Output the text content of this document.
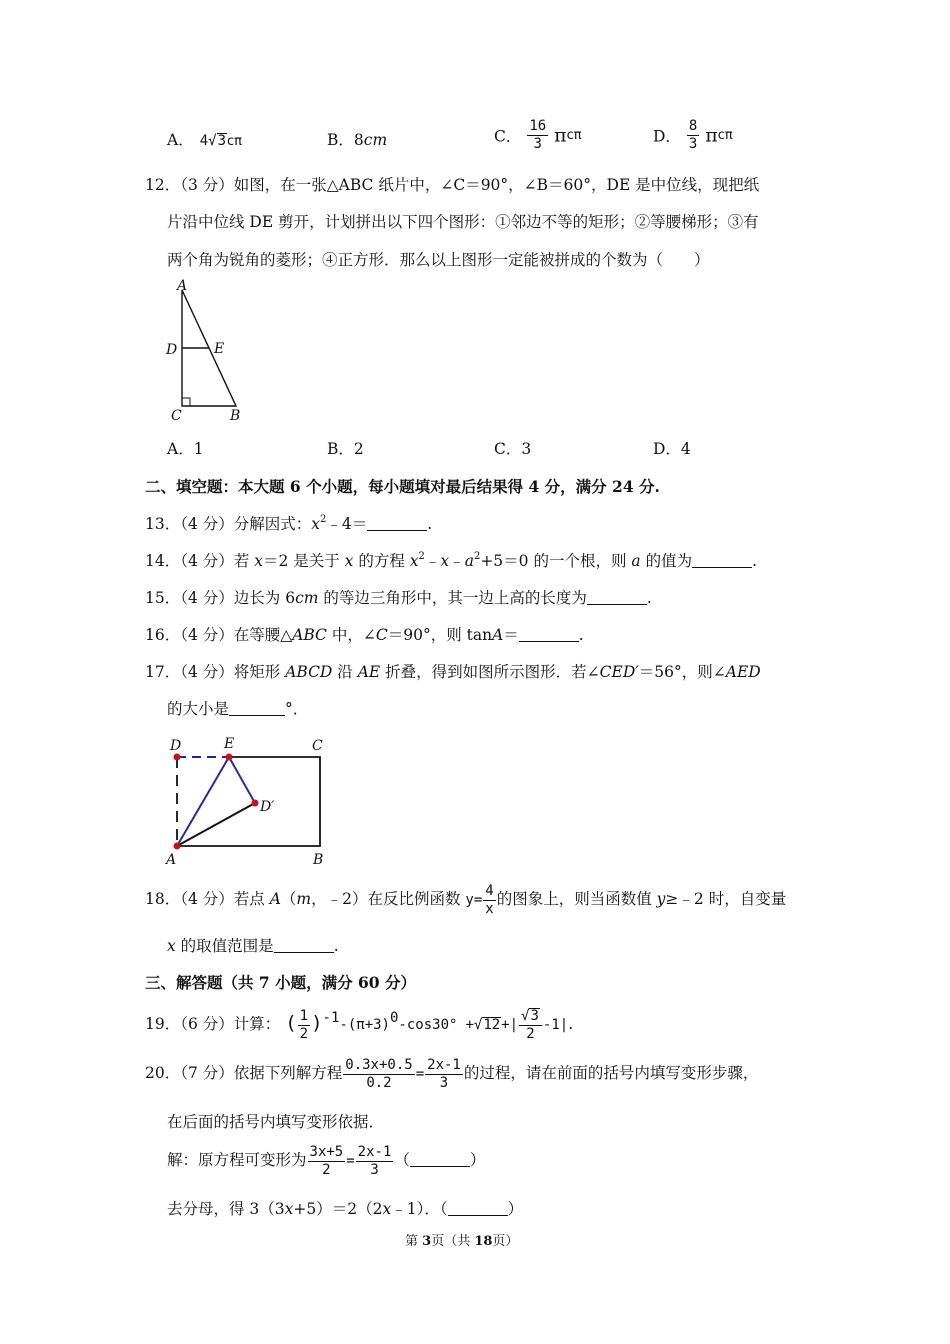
A． 4√3cπ	B．8cm	C． $\frac{16}{3}$ πcπ	D． $\frac{8}{3}$ πcπ
12．（3 分）如图，在一张△ABC 纸片中，∠C＝90°，∠B＝60°，DE 是中位线，现把纸
片沿中位线 DE 剪开，计划拼出以下四个图形：①邻边不等的矩形；②等腰梯形；③有
两个角为锐角的菱形；④正方形．那么以上图形一定能被拼成的个数为（　　）
A
D	E
C	B
A．1	B．2	C．3	D．4
二、填空题：本大题 6 个小题，每小题填对最后结果得 4 分，满分 24 分.
13．（4 分）分解因式：$x^2﹣4=$	.
14．（4 分）若 x＝2 是关于 x 的方程 $x^2﹣x﹣a^2+5=0$ 的一个根，则 a 的值为	.
15．（4 分）边长为 6cm 的等边三角形中，其一边上高的长度为	.
16．（4 分）在等腰△ABC 中，∠C＝90°，则 tanA＝	.
17．（4 分）将矩形 ABCD 沿 AE 折叠，得到如图所示图形．若∠CED′＝56°，则∠AED
的大小是	°．
D	E	C
D′
A	B
18．（4 分）若点 A（m，﹣2）在反比例函数 $y= \frac{4}{x}$ 的图象上，则当函数值 y≥﹣2 时，自变量
x 的取值范围是	.
三、解答题（共 7 小题，满分 60 分）
19．（6 分）计算： ( $\frac{1}{2} )^{-1}-(\pi+3)^0-\cos 30^\circ +√12+| \frac{√3}{2} -1|$.
20．（7 分）依据下列解方程 $\frac{0.3x+0.5}{0.2} = \frac{2x-1}{3}$ 的过程，请在前面的括号内填写变形步骤，
在后面的括号内填写变形依据．
解：原方程可变形为 $\frac{3x+5}{2} = \frac{2x-1}{3}$ （	）
去分母，得 3（3x+5）＝2（2x﹣1）．（	）
第 3页（共 18页）
